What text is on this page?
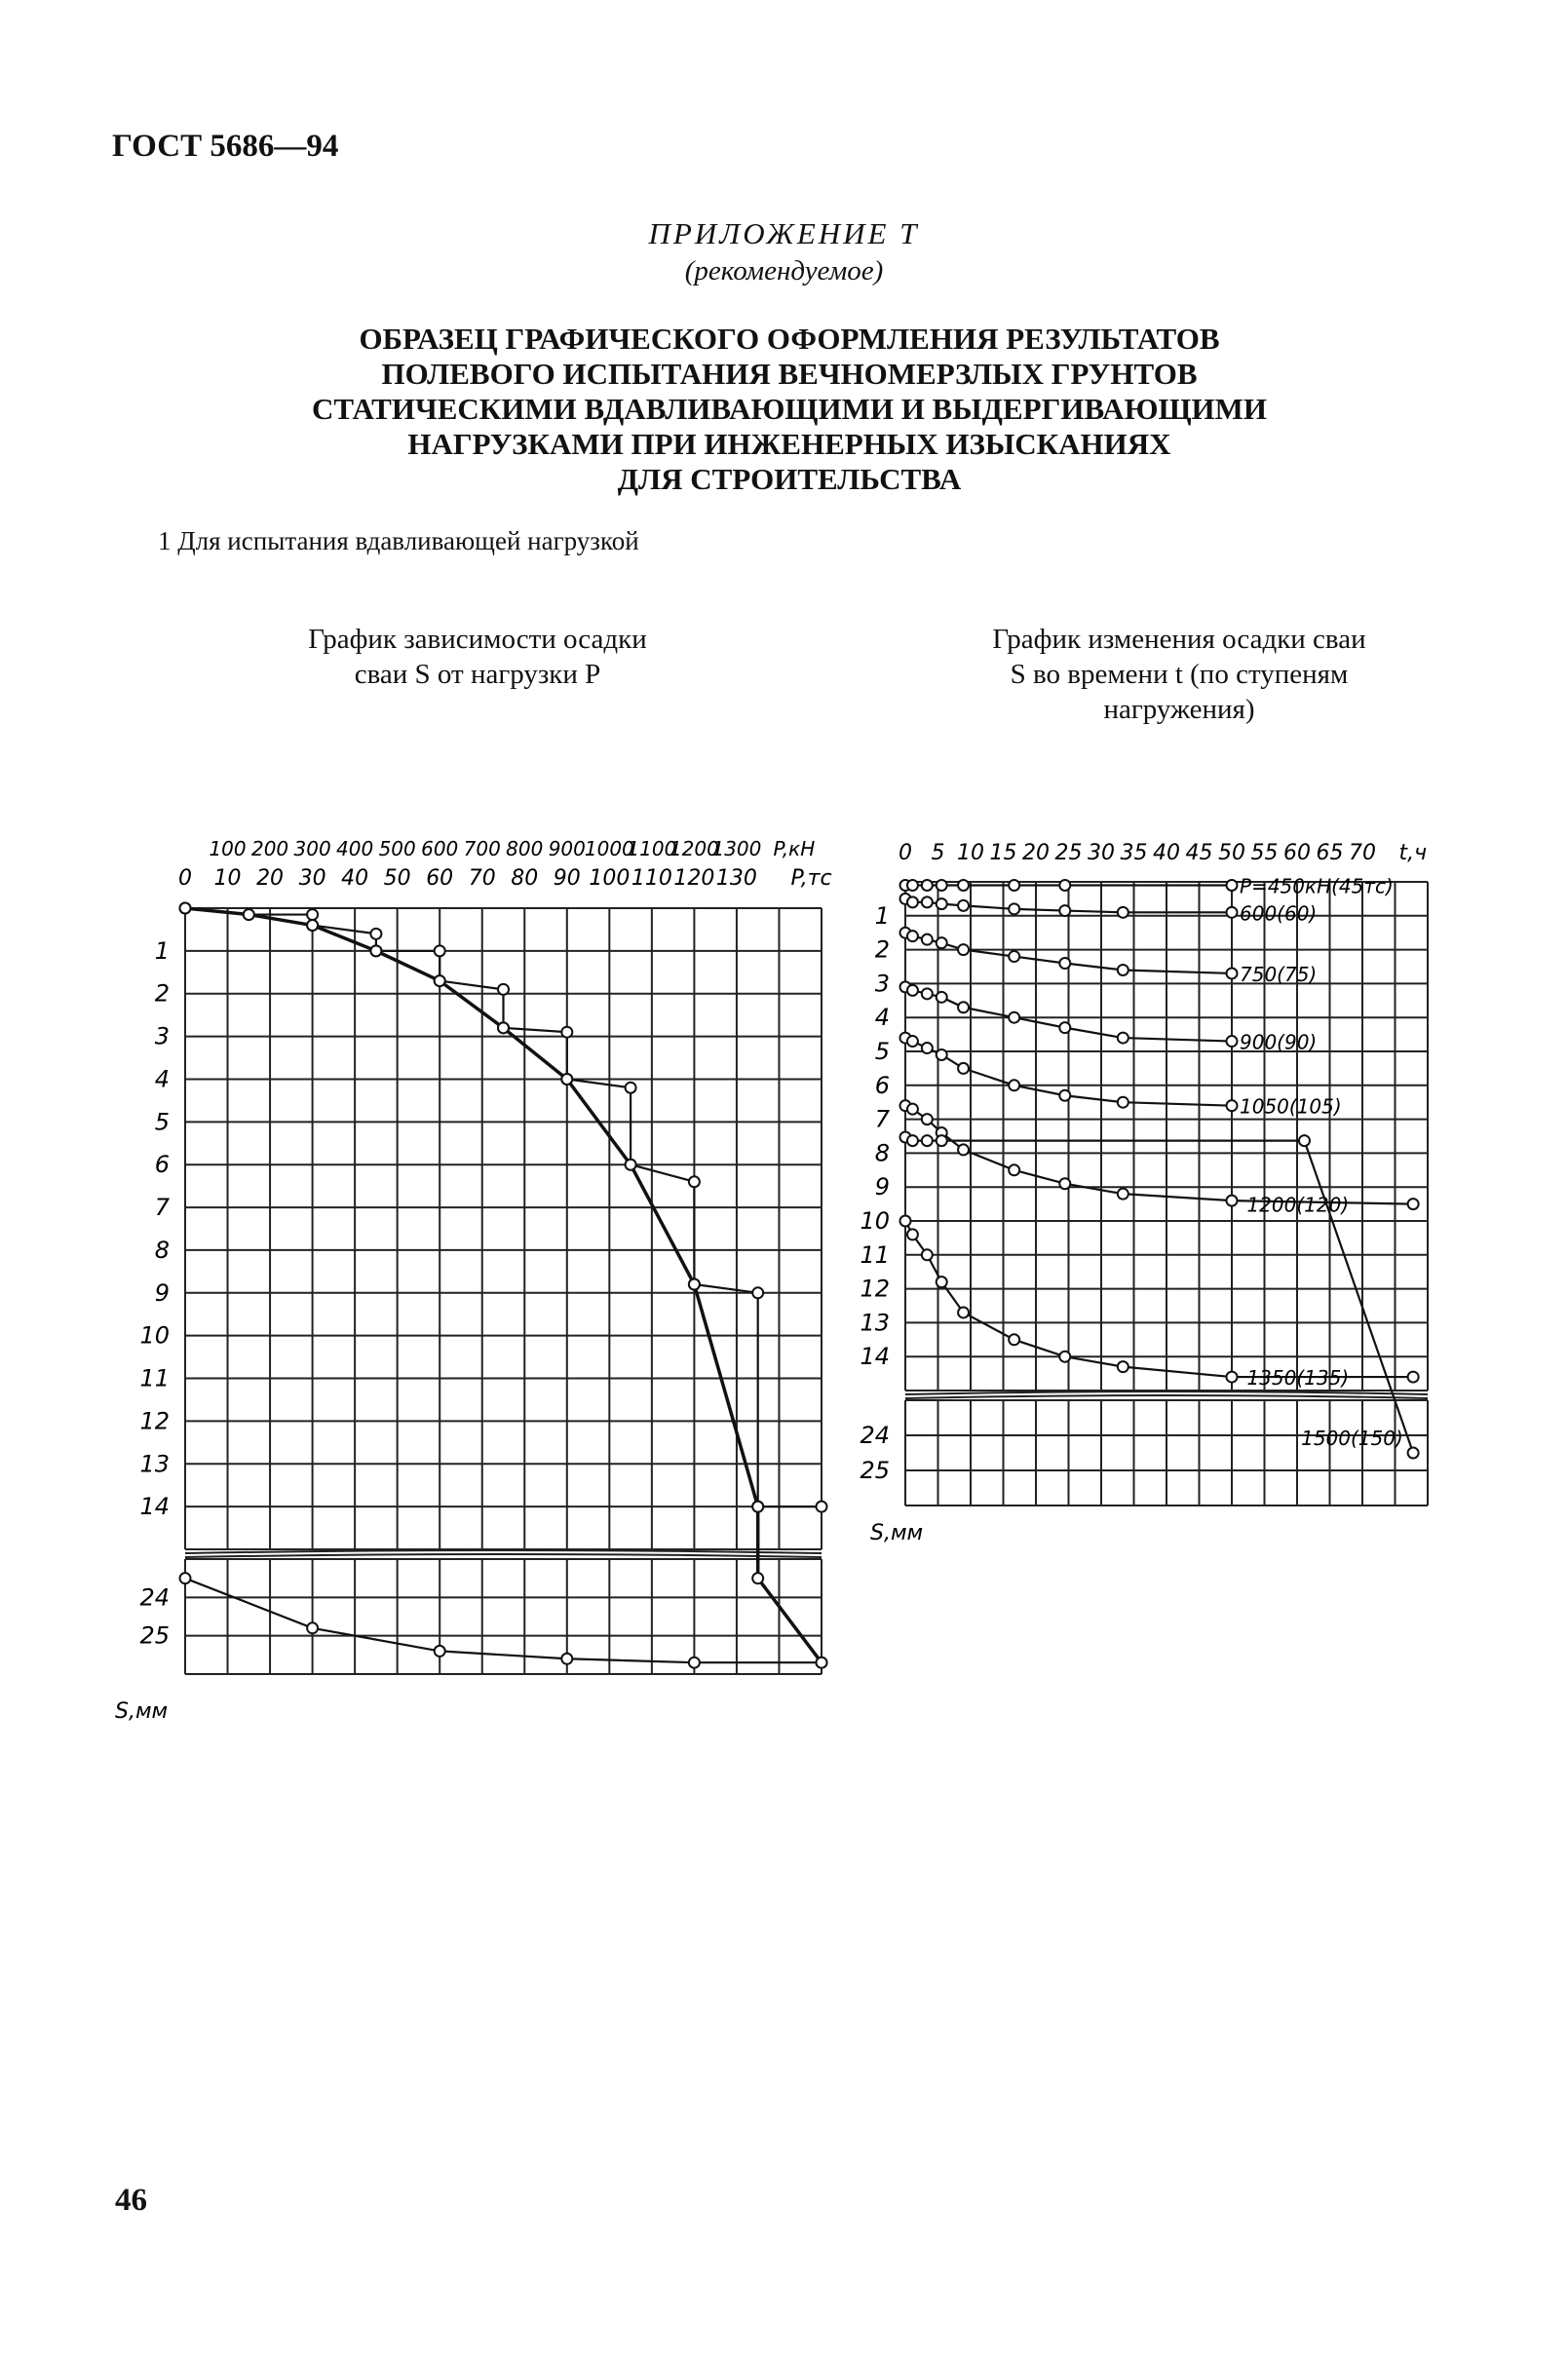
ГОСТ 5686—94
ПРИЛОЖЕНИЕ Т
(рекомендуемое)
ОБРАЗЕЦ ГРАФИЧЕСКОГО ОФОРМЛЕНИЯ РЕЗУЛЬТАТОВ
ПОЛЕВОГО ИСПЫТАНИЯ ВЕЧНОМЕРЗЛЫХ ГРУНТОВ
СТАТИЧЕСКИМИ ВДАВЛИВАЮЩИМИ И ВЫДЕРГИВАЮЩИМИ
НАГРУЗКАМИ ПРИ ИНЖЕНЕРНЫХ ИЗЫСКАНИЯХ
ДЛЯ СТРОИТЕЛЬСТВА
1 Для испытания вдавливающей нагрузкой
График зависимости осадки
сваи S от нагрузки P
График изменения осадки сваи
S во времени t (по ступеням
нагружения)
0 10 20 30 40 50 60 70 80 90 100 110 120 130 P,тс
100 200 300 400 500 600 700 800 900
1000
1100
1200
1300 P,кН
1
2
3
4
5
6
7
8
9
10
11
12
13
14
24
25
S,мм
0 5 10 15 20 25 30 35 40 45 50 55 60 65 70 t,ч
1
2
3
4
5
6
7
8
9
10
11
12
13
14
24
25
S,мм
Р=450кН(45тс)
600(60)
750(75)
900(90)
1050(105)
1200(120)
1350(135)
1500(150)
46
